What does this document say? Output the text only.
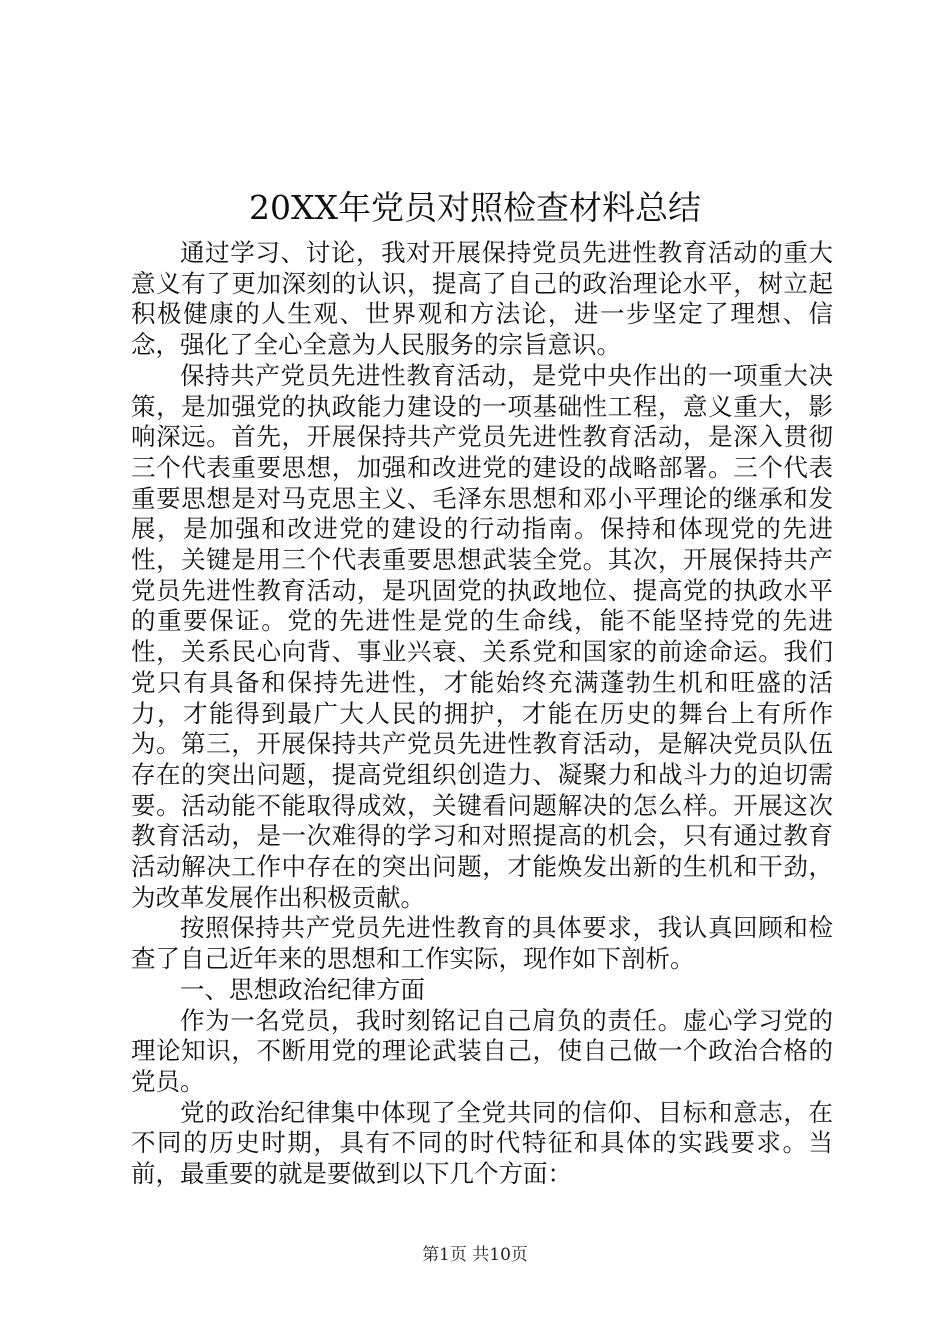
20XX年党员对照检查材料总结

通过学习、讨论，我对开展保持党员先进性教育活动的重大意义有了更加深刻的认识，提高了自己的政治理论水平，树立起积极健康的人生观、世界观和方法论，进一步坚定了理想、信念，强化了全心全意为人民服务的宗旨意识。

保持共产党员先进性教育活动，是党中央作出的一项重大决策，是加强党的执政能力建设的一项基础性工程，意义重大，影响深远。首先，开展保持共产党员先进性教育活动，是深入贯彻三个代表重要思想，加强和改进党的建设的战略部署。三个代表重要思想是对马克思主义、毛泽东思想和邓小平理论的继承和发展，是加强和改进党的建设的行动指南。保持和体现党的先进性，关键是用三个代表重要思想武装全党。其次，开展保持共产党员先进性教育活动，是巩固党的执政地位、提高党的执政水平的重要保证。党的先进性是党的生命线，能不能坚持党的先进性，关系民心向背、事业兴衰、关系党和国家的前途命运。我们党只有具备和保持先进性，才能始终充满蓬勃生机和旺盛的活力，才能得到最广大人民的拥护，才能在历史的舞台上有所作为。第三，开展保持共产党员先进性教育活动，是解决党员队伍存在的突出问题，提高党组织创造力、凝聚力和战斗力的迫切需要。活动能不能取得成效，关键看问题解决的怎么样。开展这次教育活动，是一次难得的学习和对照提高的机会，只有通过教育活动解决工作中存在的突出问题，才能焕发出新的生机和干劲，为改革发展作出积极贡献。

按照保持共产党员先进性教育的具体要求，我认真回顾和检查了自己近年来的思想和工作实际，现作如下剖析。

一、思想政治纪律方面

作为一名党员，我时刻铭记自己肩负的责任。虚心学习党的理论知识，不断用党的理论武装自己，使自己做一个政治合格的党员。

党的政治纪律集中体现了全党共同的信仰、目标和意志，在不同的历史时期，具有不同的时代特征和具体的实践要求。当前，最重要的就是要做到以下几个方面：

第1页 共10页
